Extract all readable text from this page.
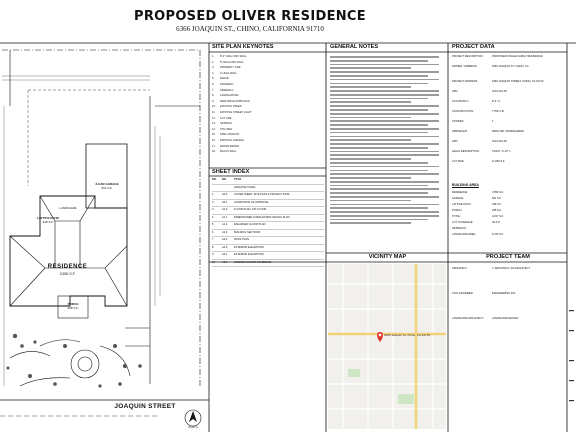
PROPOSED OLIVER RESIDENCE
6366 JOAQUIN ST., CHINO, CALIFORNIA 91710
LANDSCAPE
3-CAR GARAGE
661 S.F.
LATTICE PATIO
348 S.F.
RESIDENCE
3,550 S.F.
PORCH
258 S.F.
JOAQUIN STREET
NORTH
SITE PLAN KEYNOTES
1.	8'-0" HIGH CMU WALL
2.	8" HIGH CMU WALL
3.	PROPERTY LINE
4.	4' HIGH WALL
5.	FENCE
6.	DRIVEWAY
7.	SIDEWALK
8.	LANDSCAPING
9.	NEW DRIVE APPROACH
10.	EXISTING TREES
11.	EXISTING STREET LIGHT
12.	LOT LINE
13.	SETBACK
14.	UTILITIES
15.	FIRE HYDRANT
16.	EXISTING GARAGE
17.	WATER METER
18.	BLOCK WALL
SHEET INDEX
NO.	NO.	TITLE
ARCHITECTURAL
1	A0.0	COVER SHEET, SITE PLAN & PROJECT DATA
2	A0.1	CONDITIONS OF APPROVAL
3	A1.0	FLOOR PLAN, 1ST FLOOR
4	A1.1	DIMENSIONED & REFLECTED CEILING PLAN
5	A1.2	ENLARGED FLOOR PLAN
6	A2.0	BUILDING SECTIONS
7	A3.0	ROOF PLAN
8	A4.0	EXTERIOR ELEVATIONS
9	A4.1	EXTERIOR ELEVATIONS
10	A5.0	WINDOW & DOOR SCHEDULE
GENERAL NOTES
VICINITY MAP
6366 Joaquin St, Chino, CA 91710
PROJECT DATA
PROJECT DESCRIPTION:	PROPOSED SINGLE FAMILY RESIDENCE
OWNER / ADDRESS:	6366 JOAQUIN ST. CHINO, CA
PROJECT ADDRESS:	6366 JOAQUIN STREET, CHINO, CA 91710
APN:	1016-461-05
OCCUPANCY:	R-3 / U
CONSTRUCTION:	TYPE V-B
STORIES:	1
SPRINKLER:	NFPA 13D, SPRINKLERED
APN:	1016-461-05
LEGAL DESCRIPTION:	TRACT 1 LOT 1
LOT SIZE:	11,960 S.F.
BUILDING AREA
RESIDENCE:	3,550 S.F.
GARAGE:	661 S.F.
LATTICE PATIO:	348 S.F.
PORCH:	258 S.F.
TOTAL:	4,817 S.F.
LOT COVERAGE:	40.3 %
SETBACKS:
LANDSCAPE AREA:	5,474 S.F.
PROJECT TEAM
ARCHITECT:	J. ARCHITECT, AIA ARCHITECT
CIVIL ENGINEER:	ENGINEERING INC.
LANDSCAPE ARCHITECT:	LANDSCAPE DESIGN
